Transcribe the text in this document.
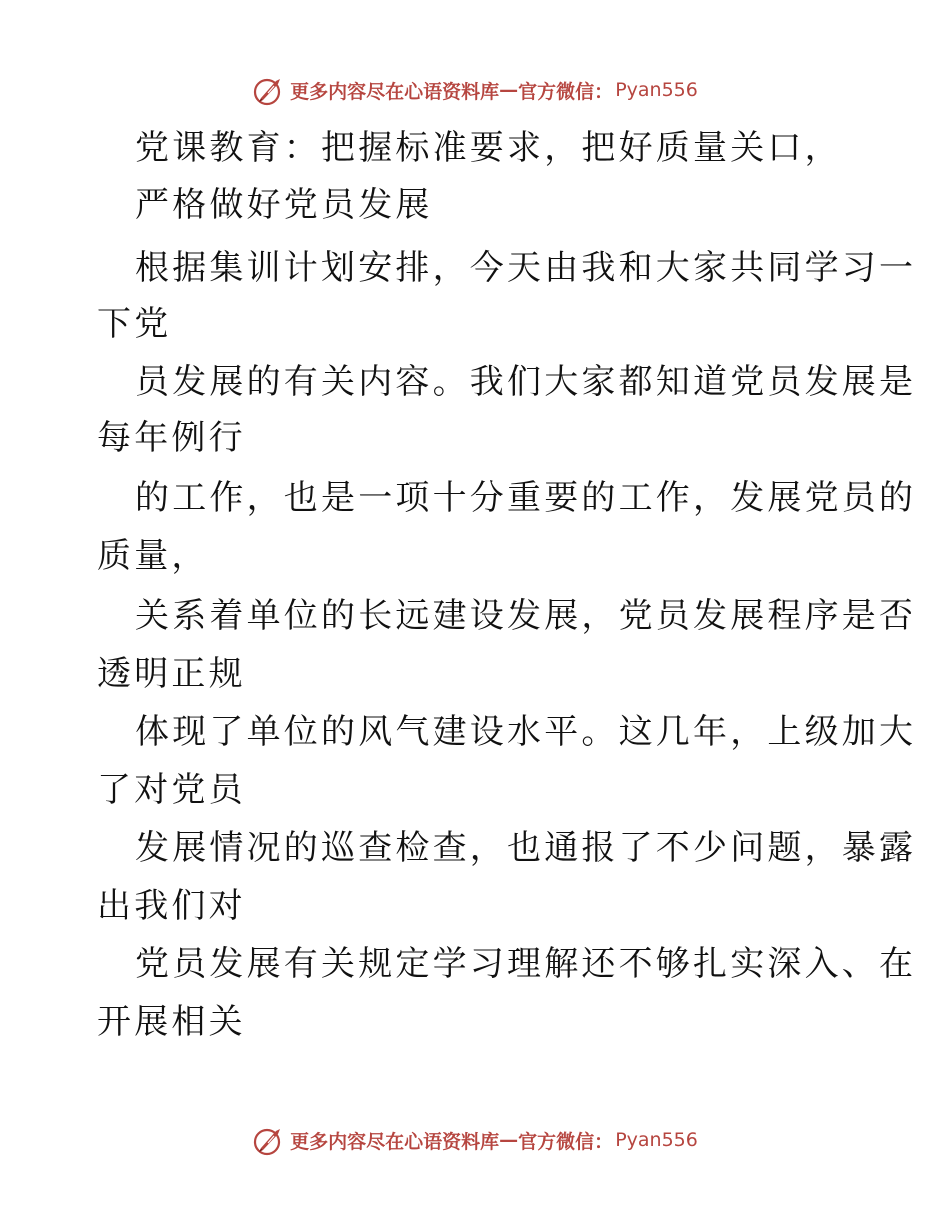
更多内容尽在心语资料库 — 官方微信： Pyan556
党课教育：把握标准要求，把好质量关口，
严格做好党员发展
根据集训计划安排，今天由我和大家共同学习一
下党
员发展的有关内容。我们大家都知道党员发展是
每年例行
的工作，也是一项十分重要的工作，发展党员的
质量，
关系着单位的长远建设发展，党员发展程序是否
透明正规
体现了单位的风气建设水平。这几年，上级加大
了对党员
发展情况的巡查检查，也通报了不少问题，暴露
出我们对
党员发展有关规定学习理解还不够扎实深入、在
开展相关
更多内容尽在心语资料库 — 官方微信： Pyan556
